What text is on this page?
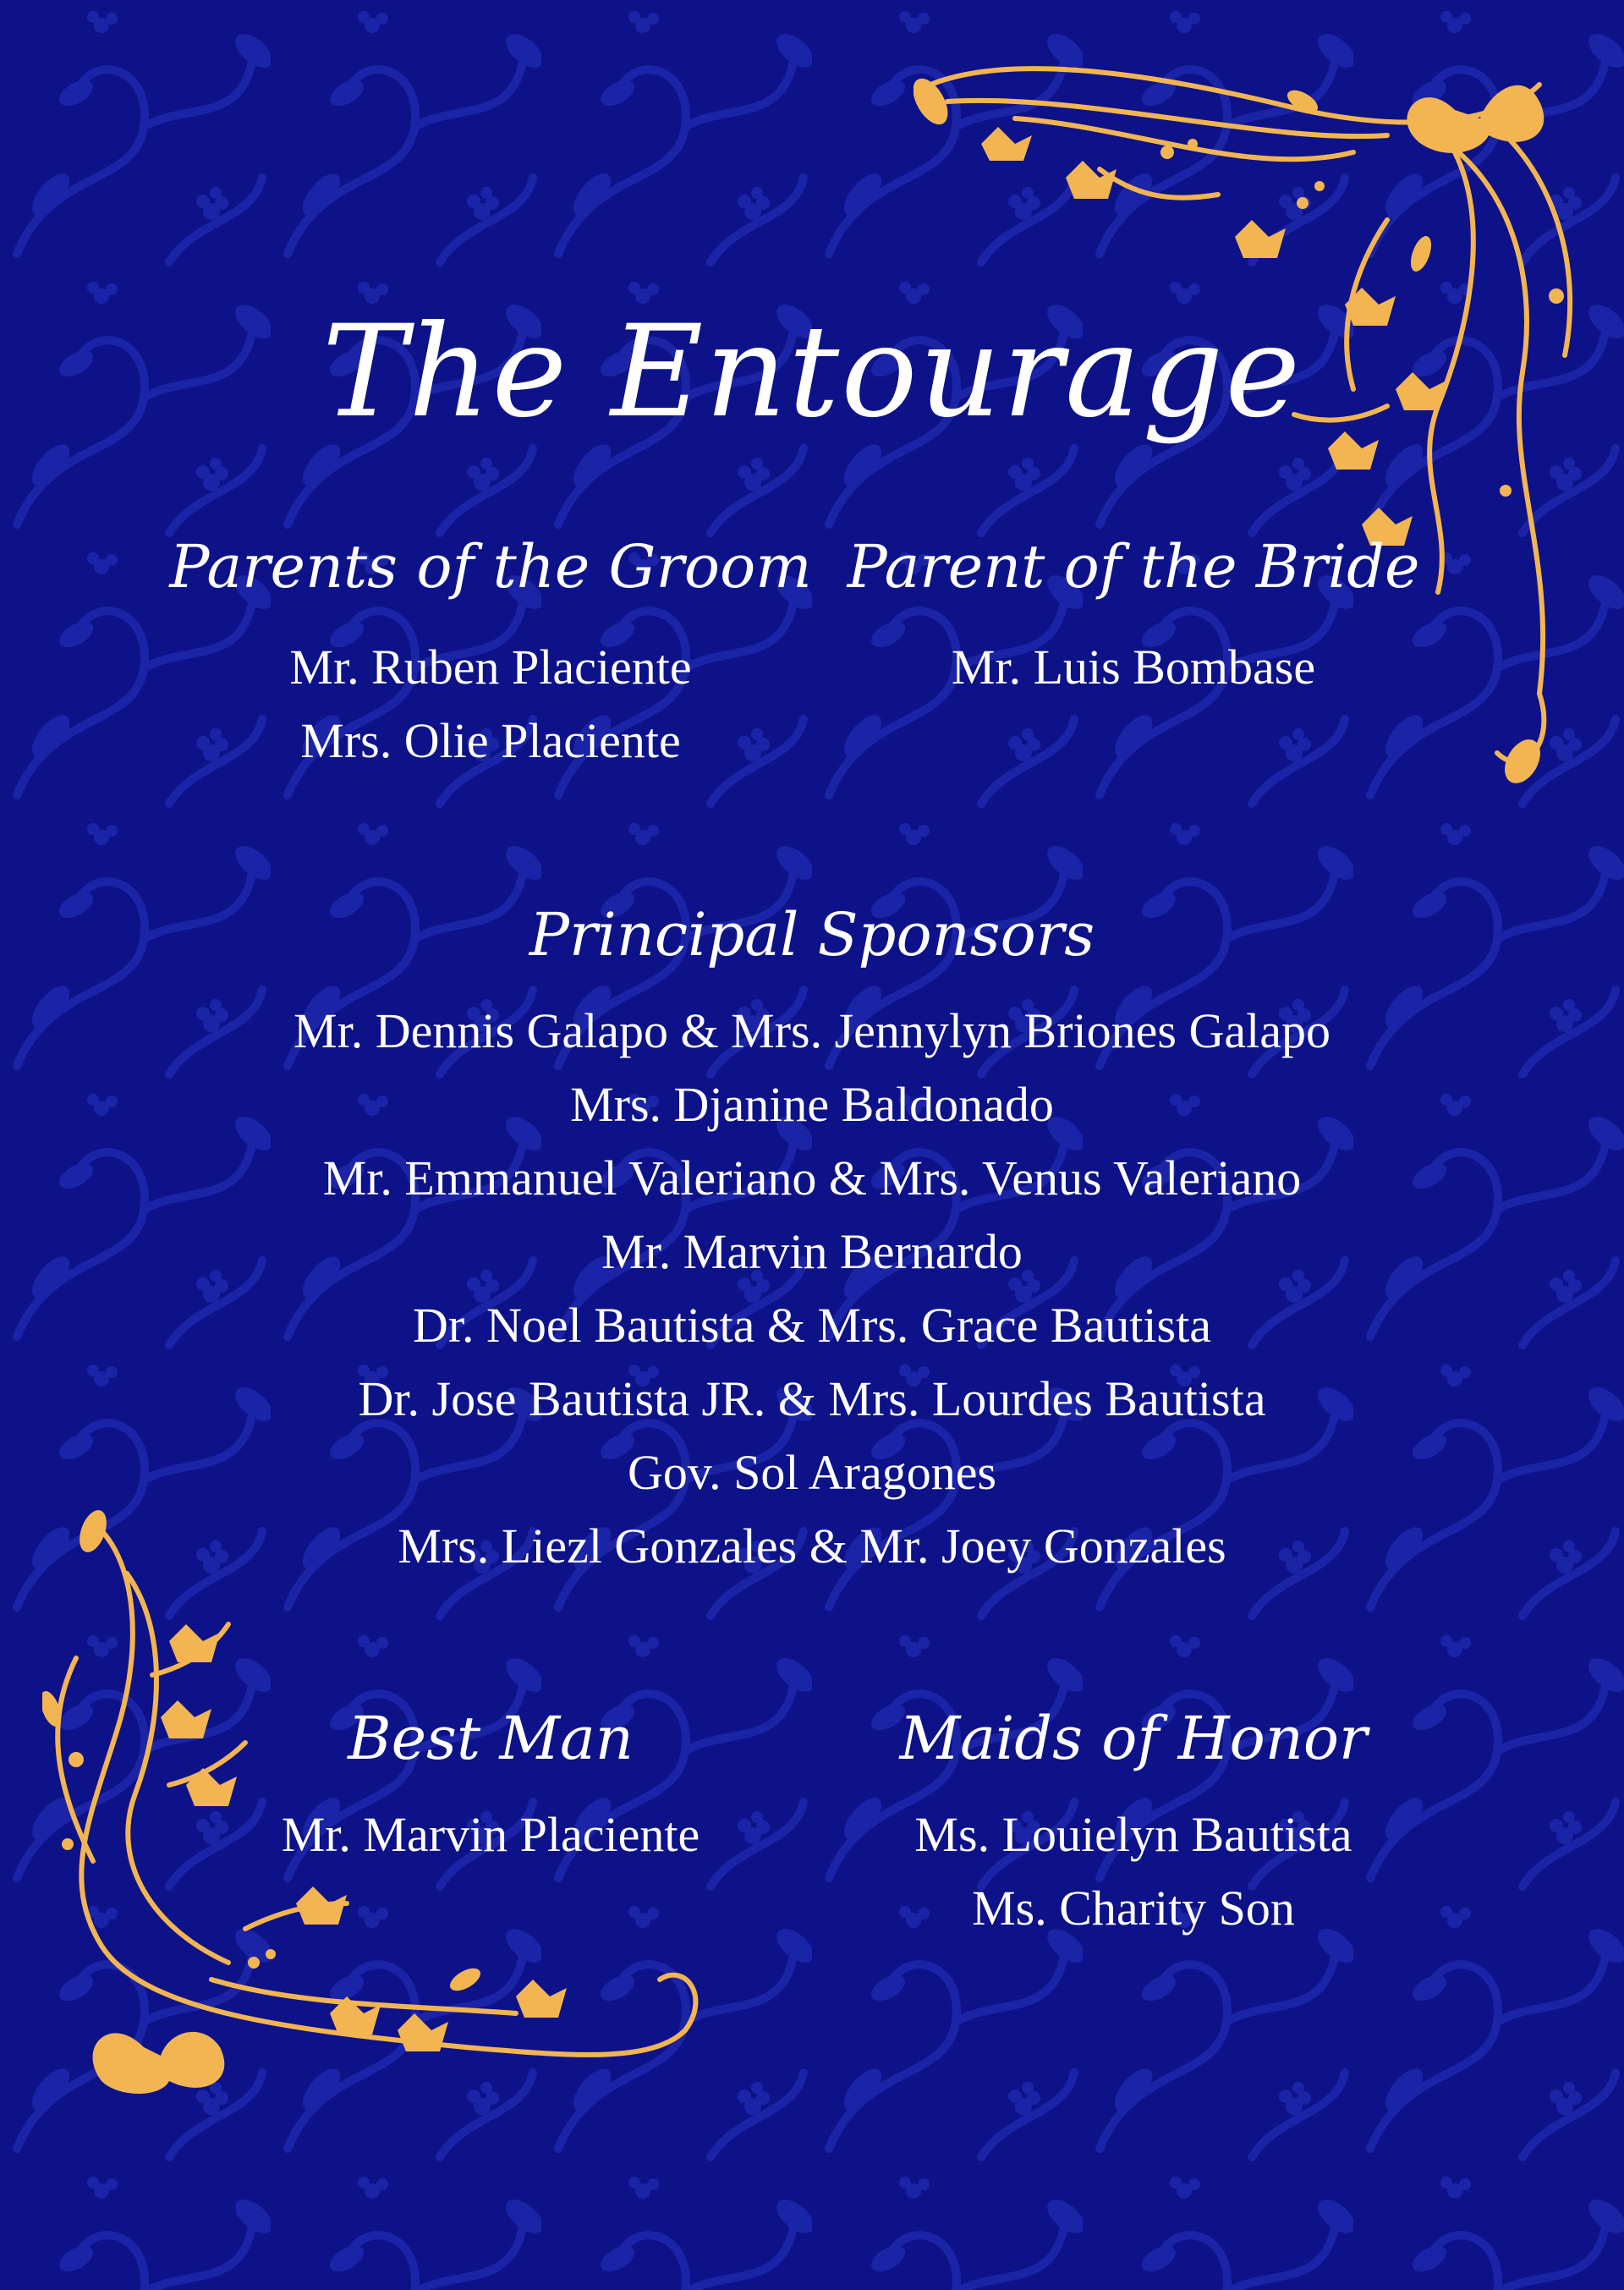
The Entourage
Parents of the Groom
Mr. Ruben Placiente
Mrs. Olie Placiente
Parent of the Bride
Mr. Luis Bombase
Principal Sponsors
Mr. Dennis Galapo & Mrs. Jennylyn Briones Galapo
Mrs. Djanine Baldonado
Mr. Emmanuel Valeriano & Mrs. Venus Valeriano
Mr. Marvin Bernardo
Dr. Noel Bautista & Mrs. Grace Bautista
Dr. Jose Bautista JR. & Mrs. Lourdes Bautista
Gov. Sol Aragones
Mrs. Liezl Gonzales & Mr. Joey Gonzales
Best Man
Mr. Marvin Placiente
Maids of Honor
Ms. Louielyn Bautista
Ms. Charity Son
